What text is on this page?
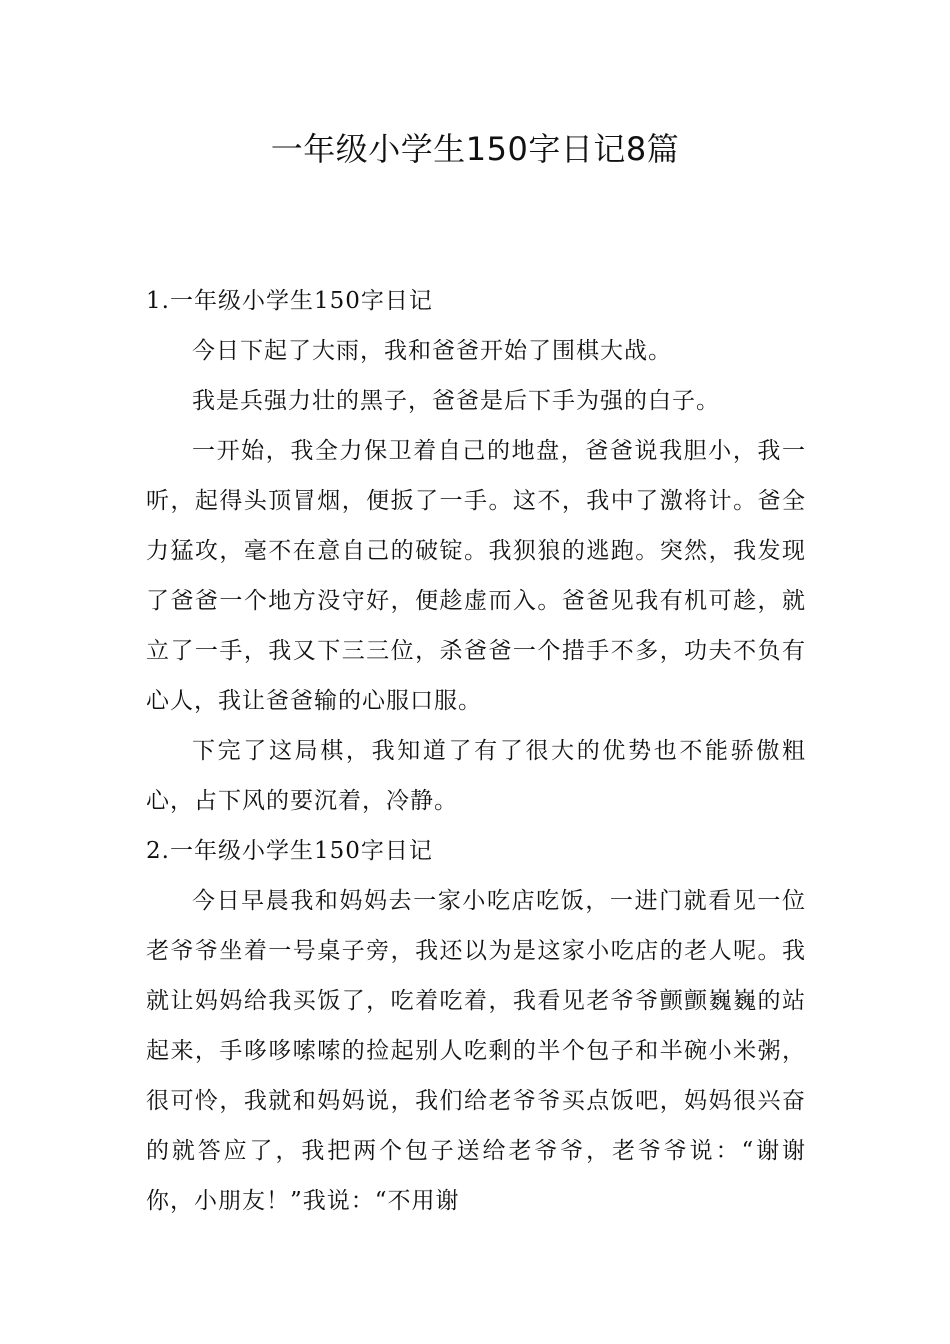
一年级小学生150字日记8篇
1.一年级小学生150字日记

今日下起了大雨，我和爸爸开始了围棋大战。

我是兵强力壮的黑子，爸爸是后下手为强的白子。

一开始，我全力保卫着自己的地盘，爸爸说我胆小，我一听，起得头顶冒烟，便扳了一手。这不，我中了激将计。爸全力猛攻，毫不在意自己的破锭。我狈狼的逃跑。突然，我发现了爸爸一个地方没守好，便趁虚而入。爸爸见我有机可趁，就立了一手，我又下三三位，杀爸爸一个措手不多，功夫不负有心人，我让爸爸输的心服口服。

下完了这局棋，我知道了有了很大的优势也不能骄傲粗心，占下风的要沉着，冷静。

2.一年级小学生150字日记

今日早晨我和妈妈去一家小吃店吃饭，一进门就看见一位老爷爷坐着一号桌子旁，我还以为是这家小吃店的老人呢。我就让妈妈给我买饭了，吃着吃着，我看见老爷爷颤颤巍巍的站起来，手哆哆嗦嗦的捡起别人吃剩的半个包子和半碗小米粥，很可怜，我就和妈妈说，我们给老爷爷买点饭吧，妈妈很兴奋的就答应了，我把两个包子送给老爷爷，老爷爷说：“谢谢你，小朋友！”我说：“不用谢
